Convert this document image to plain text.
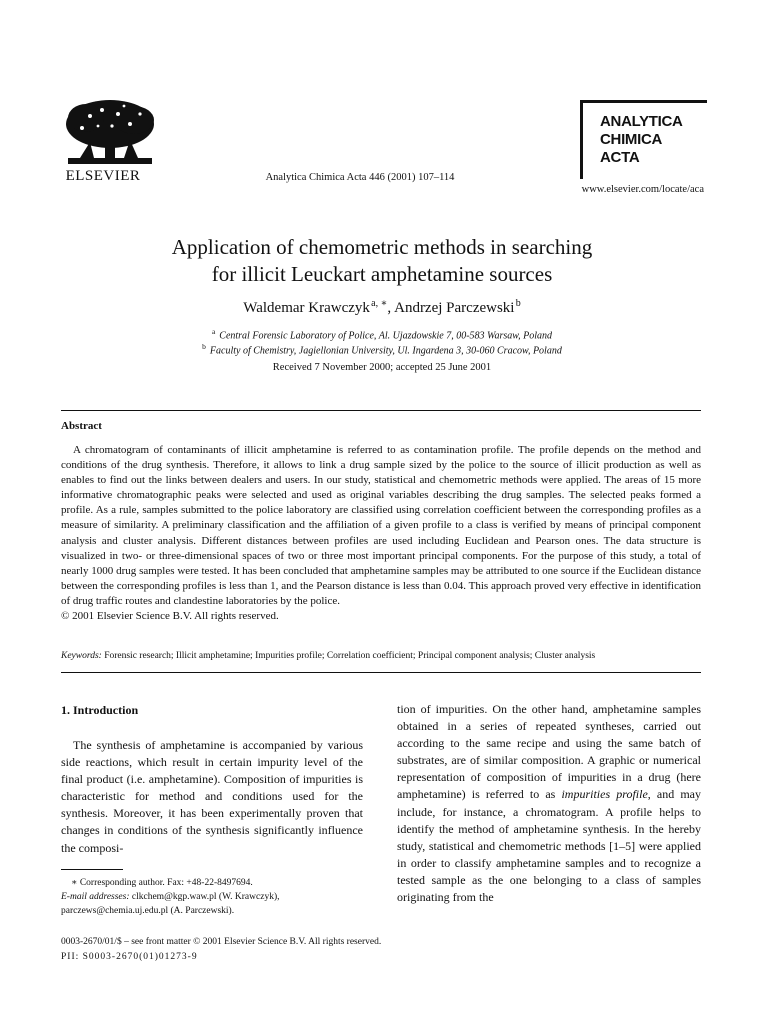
ELSEVIER	Analytica Chimica Acta 446 (2001) 107–114
ANALYTICA
CHIMICA
ACTA
www.elsevier.com/locate/aca
Application of chemometric methods in searching
for illicit Leuckart amphetamine sources
Waldemar Krawczyk $^{a, ∗}$, Andrzej Parczewski $^b$
$^a$ Central Forensic Laboratory of Police, Al. Ujazdowskie 7, 00-583 Warsaw, Poland
$^b$ Faculty of Chemistry, Jagiellonian University, Ul. Ingardena 3, 30-060 Cracow, Poland
Received 7 November 2000; accepted 25 June 2001
Abstract

A chromatogram of contaminants of illicit amphetamine is referred to as contamination profile. The profile depends on the method and conditions of the drug synthesis. Therefore, it allows to link a drug sample sized by the police to the source of illicit production as well as enables to find out the links between dealers and users. In our study, statistical and chemometric methods were applied. The areas of 15 more informative chromatographic peaks were selected and used as original variables describing the drug samples. The selected peaks formed a profile. As a rule, samples submitted to the police laboratory are classified using correlation coefficient between the corresponding profiles as a measure of similarity. A preliminary classification and the affiliation of a given profile to a class is verified by means of principal component analysis and cluster analysis. Different distances between profiles are used including Euclidean and Pearson ones. The data structure is visualized in two- or three-dimensional spaces of two or three most important principal components. For the purpose of this study, a total of nearly 1000 drug samples were tested. It has been concluded that amphetamine samples may be attributed to one source if the Euclidean distance between the corresponding profiles is less than 1, and the Pearson distance is less than 0.04. This approach proved very effective in identification of drug traffic routes and clandestine laboratories by the police.
© 2001 Elsevier Science B.V. All rights reserved.

Keywords: Forensic research; Illicit amphetamine; Impurities profile; Correlation coefficient; Principal component analysis; Cluster analysis
1. Introduction

The synthesis of amphetamine is accompanied by various side reactions, which result in certain impurity level of the final product (i.e. amphetamine). Composition of impurities is characteristic for method and conditions used for the synthesis. Moreover, it has been experimentally proven that changes in conditions of the synthesis significantly influence the composi-

tion of impurities. On the other hand, amphetamine samples obtained in a series of repeated syntheses, carried out according to the same recipe and using the same batch of substrates, are of similar composition. A graphic or numerical representation of composition of impurities in a drug (here amphetamine) is referred to as impurities profile, and may include, for instance, a chromatogram. A profile helps to identify the method of amphetamine synthesis. In the hereby study, statistical and chemometric methods [1–5] were applied in order to classify amphetamine samples and to recognize a tested sample as the one belonging to a class of samples originating from the

∗ Corresponding author. Fax: +48-22-8497694.
E-mail addresses: clkchem@kgp.waw.pl (W. Krawczyk),
parczews@chemia.uj.edu.pl (A. Parczewski).
0003-2670/01/$ – see front matter © 2001 Elsevier Science B.V. All rights reserved.
PII: S0003-2670(01)01273-9
